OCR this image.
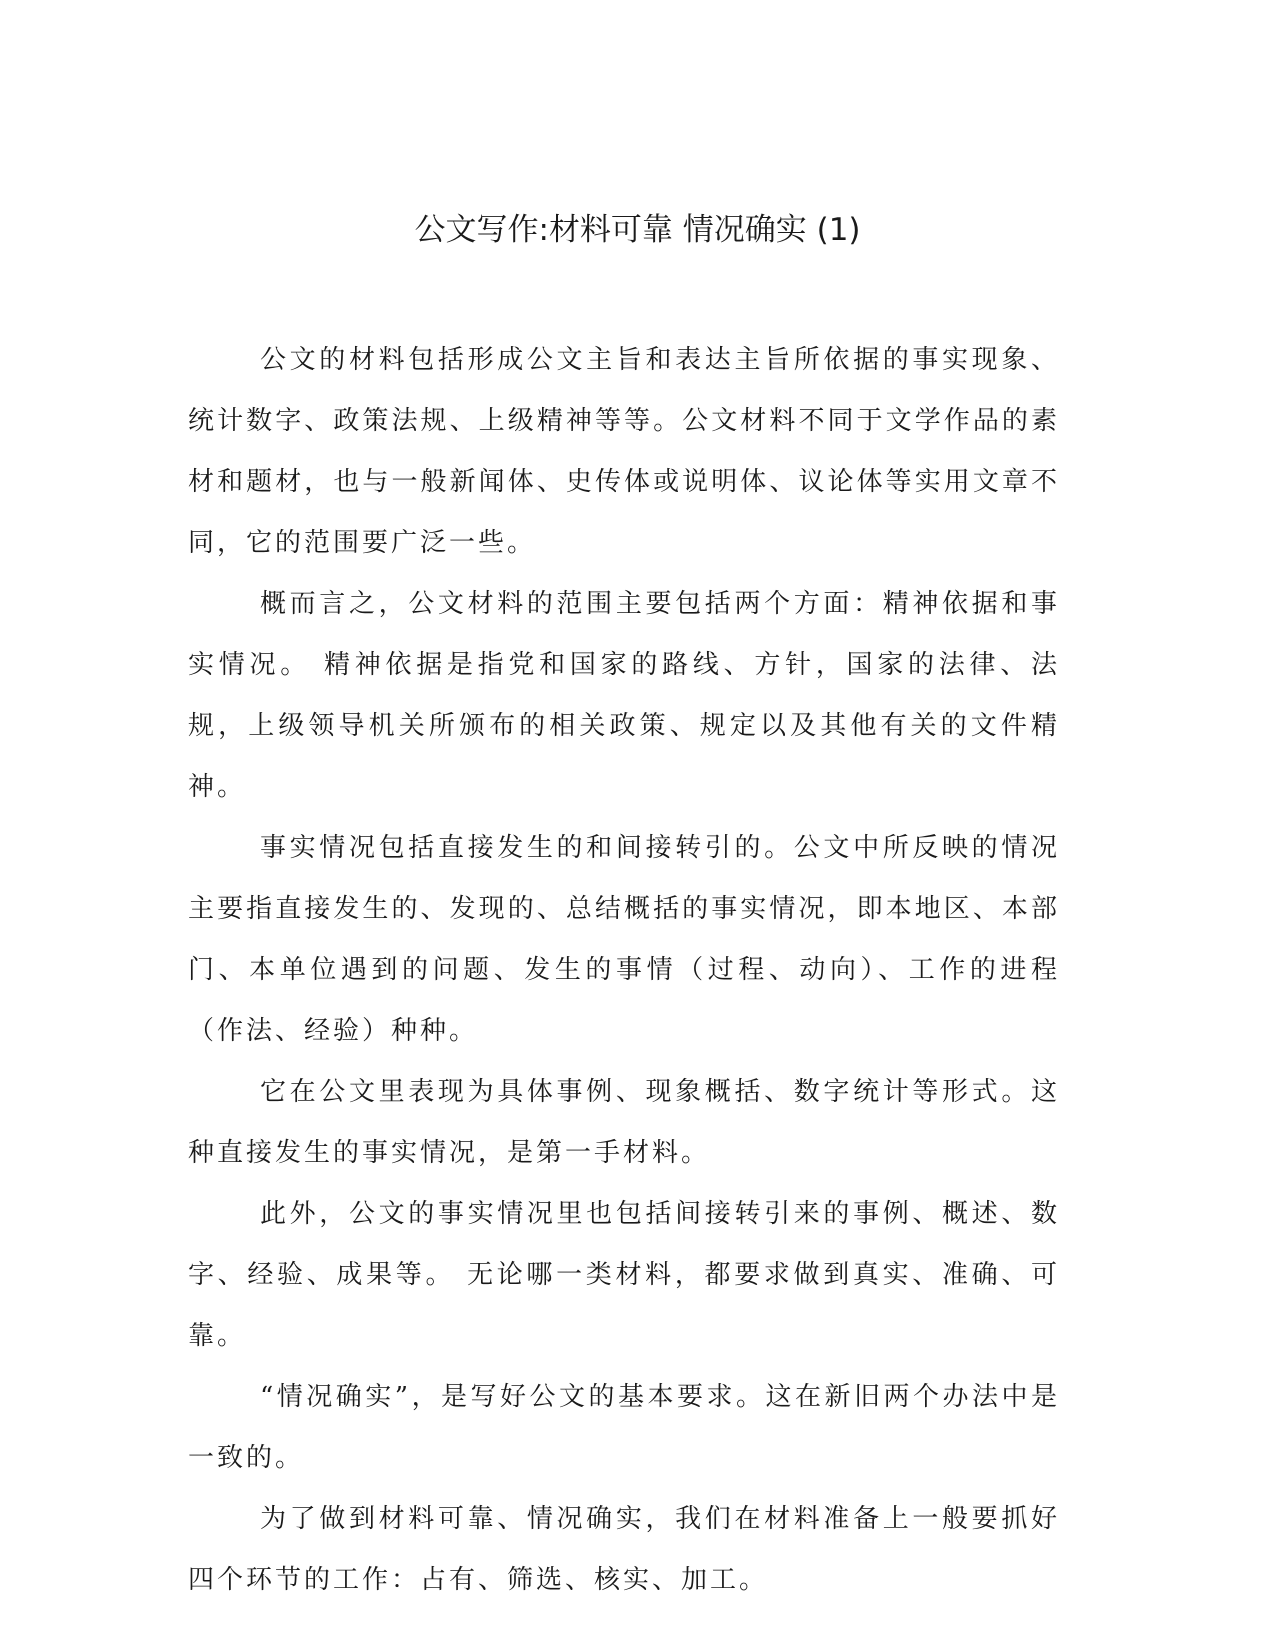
公文写作:材料可靠 情况确实 (1)

公文的材料包括形成公文主旨和表达主旨所依据的事实现象、统计数字、政策法规、上级精神等等。公文材料不同于文学作品的素材和题材，也与一般新闻体、史传体或说明体、议论体等实用文章不同，它的范围要广泛一些。

概而言之，公文材料的范围主要包括两个方面：精神依据和事实情况。 精神依据是指党和国家的路线、方针，国家的法律、法规，上级领导机关所颁布的相关政策、规定以及其他有关的文件精神。

事实情况包括直接发生的和间接转引的。公文中所反映的情况主要指直接发生的、发现的、总结概括的事实情况，即本地区、本部门、本单位遇到的问题、发生的事情（过程、动向）、工作的进程（作法、经验）种种。

它在公文里表现为具体事例、现象概括、数字统计等形式。这种直接发生的事实情况，是第一手材料。

此外，公文的事实情况里也包括间接转引来的事例、概述、数字、经验、成果等。 无论哪一类材料，都要求做到真实、准确、可靠。

“情况确实”，是写好公文的基本要求。这在新旧两个办法中是一致的。

为了做到材料可靠、情况确实，我们在材料准备上一般要抓好四个环节的工作：占有、筛选、核实、加工。
